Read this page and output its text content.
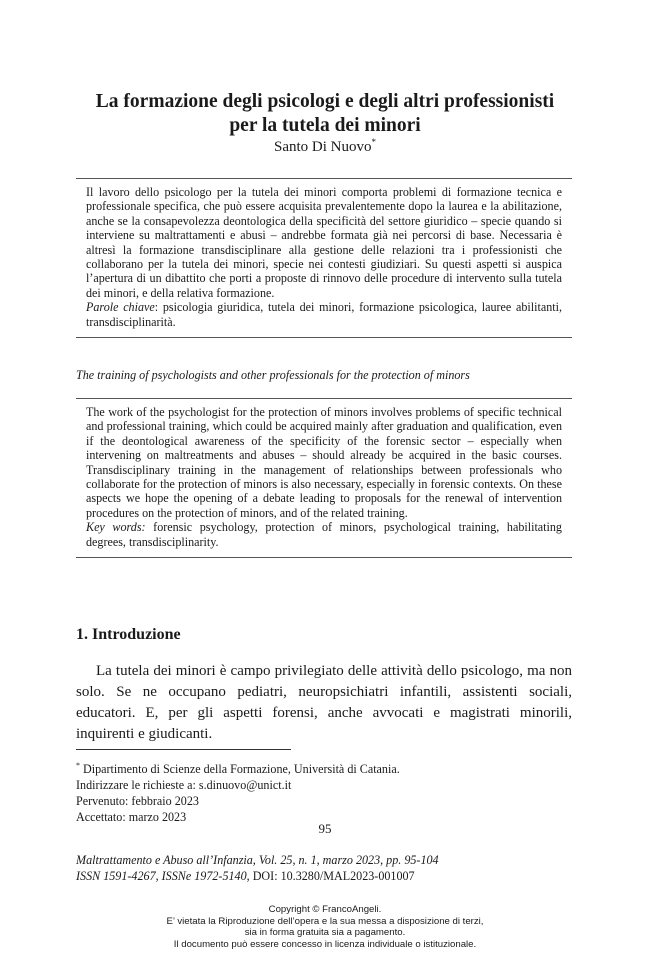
La formazione degli psicologi e degli altri professionisti
per la tutela dei minori
Santo Di Nuovo*

Il lavoro dello psicologo per la tutela dei minori comporta problemi di formazione tecnica e professionale specifica, che può essere acquisita prevalentemente dopo la laurea e la abilitazione, anche se la consapevolezza deontologica della specificità del settore giuridico – specie quando si interviene su maltrattamenti e abusi – andrebbe formata già nei percorsi di base. Necessaria è altresì la formazione transdisciplinare alla gestione delle relazioni tra i professionisti che collaborano per la tutela dei minori, specie nei contesti giudiziari. Su questi aspetti si auspica l’apertura di un dibattito che porti a proposte di rinnovo delle procedure di intervento sulla tutela dei minori, e della relativa formazione.

Parole chiave: psicologia giuridica, tutela dei minori, formazione psicologica, lauree abilitanti, transdisciplinarità.

The training of psychologists and other professionals for the protection of minors

The work of the psychologist for the protection of minors involves problems of specific technical and professional training, which could be acquired mainly after graduation and qualification, even if the deontological awareness of the specificity of the forensic sector – especially when intervening on maltreatments and abuses – should already be acquired in the basic courses. Transdisciplinary training in the management of relationships between professionals who collaborate for the protection of minors is also necessary, especially in forensic contexts. On these aspects we hope the opening of a debate leading to proposals for the renewal of intervention procedures on the protection of minors, and of the related training.

Key words: forensic psychology, protection of minors, psychological training, habilitating degrees, transdisciplinarity.

1. Introduzione

La tutela dei minori è campo privilegiato delle attività dello psicologo, ma non solo. Se ne occupano pediatri, neuropsichiatri infantili, assistenti sociali, educatori. E, per gli aspetti forensi, anche avvocati e magistrati minorili, inquirenti e giudicanti.

* Dipartimento di Scienze della Formazione, Università di Catania.
Indirizzare le richieste a: s.dinuovo@unict.it
Pervenuto: febbraio 2023
Accettato: marzo 2023
95
Maltrattamento e Abuso all’Infanzia, Vol. 25, n. 1, marzo 2023, pp. 95-104
ISSN 1591-4267, ISSNe 1972-5140, DOI: 10.3280/MAL2023-001007
Copyright © FrancoAngeli.
E’ vietata la Riproduzione dell’opera e la sua messa a disposizione di terzi,
sia in forma gratuita sia a pagamento.
Il documento può essere concesso in licenza individuale o istituzionale.
